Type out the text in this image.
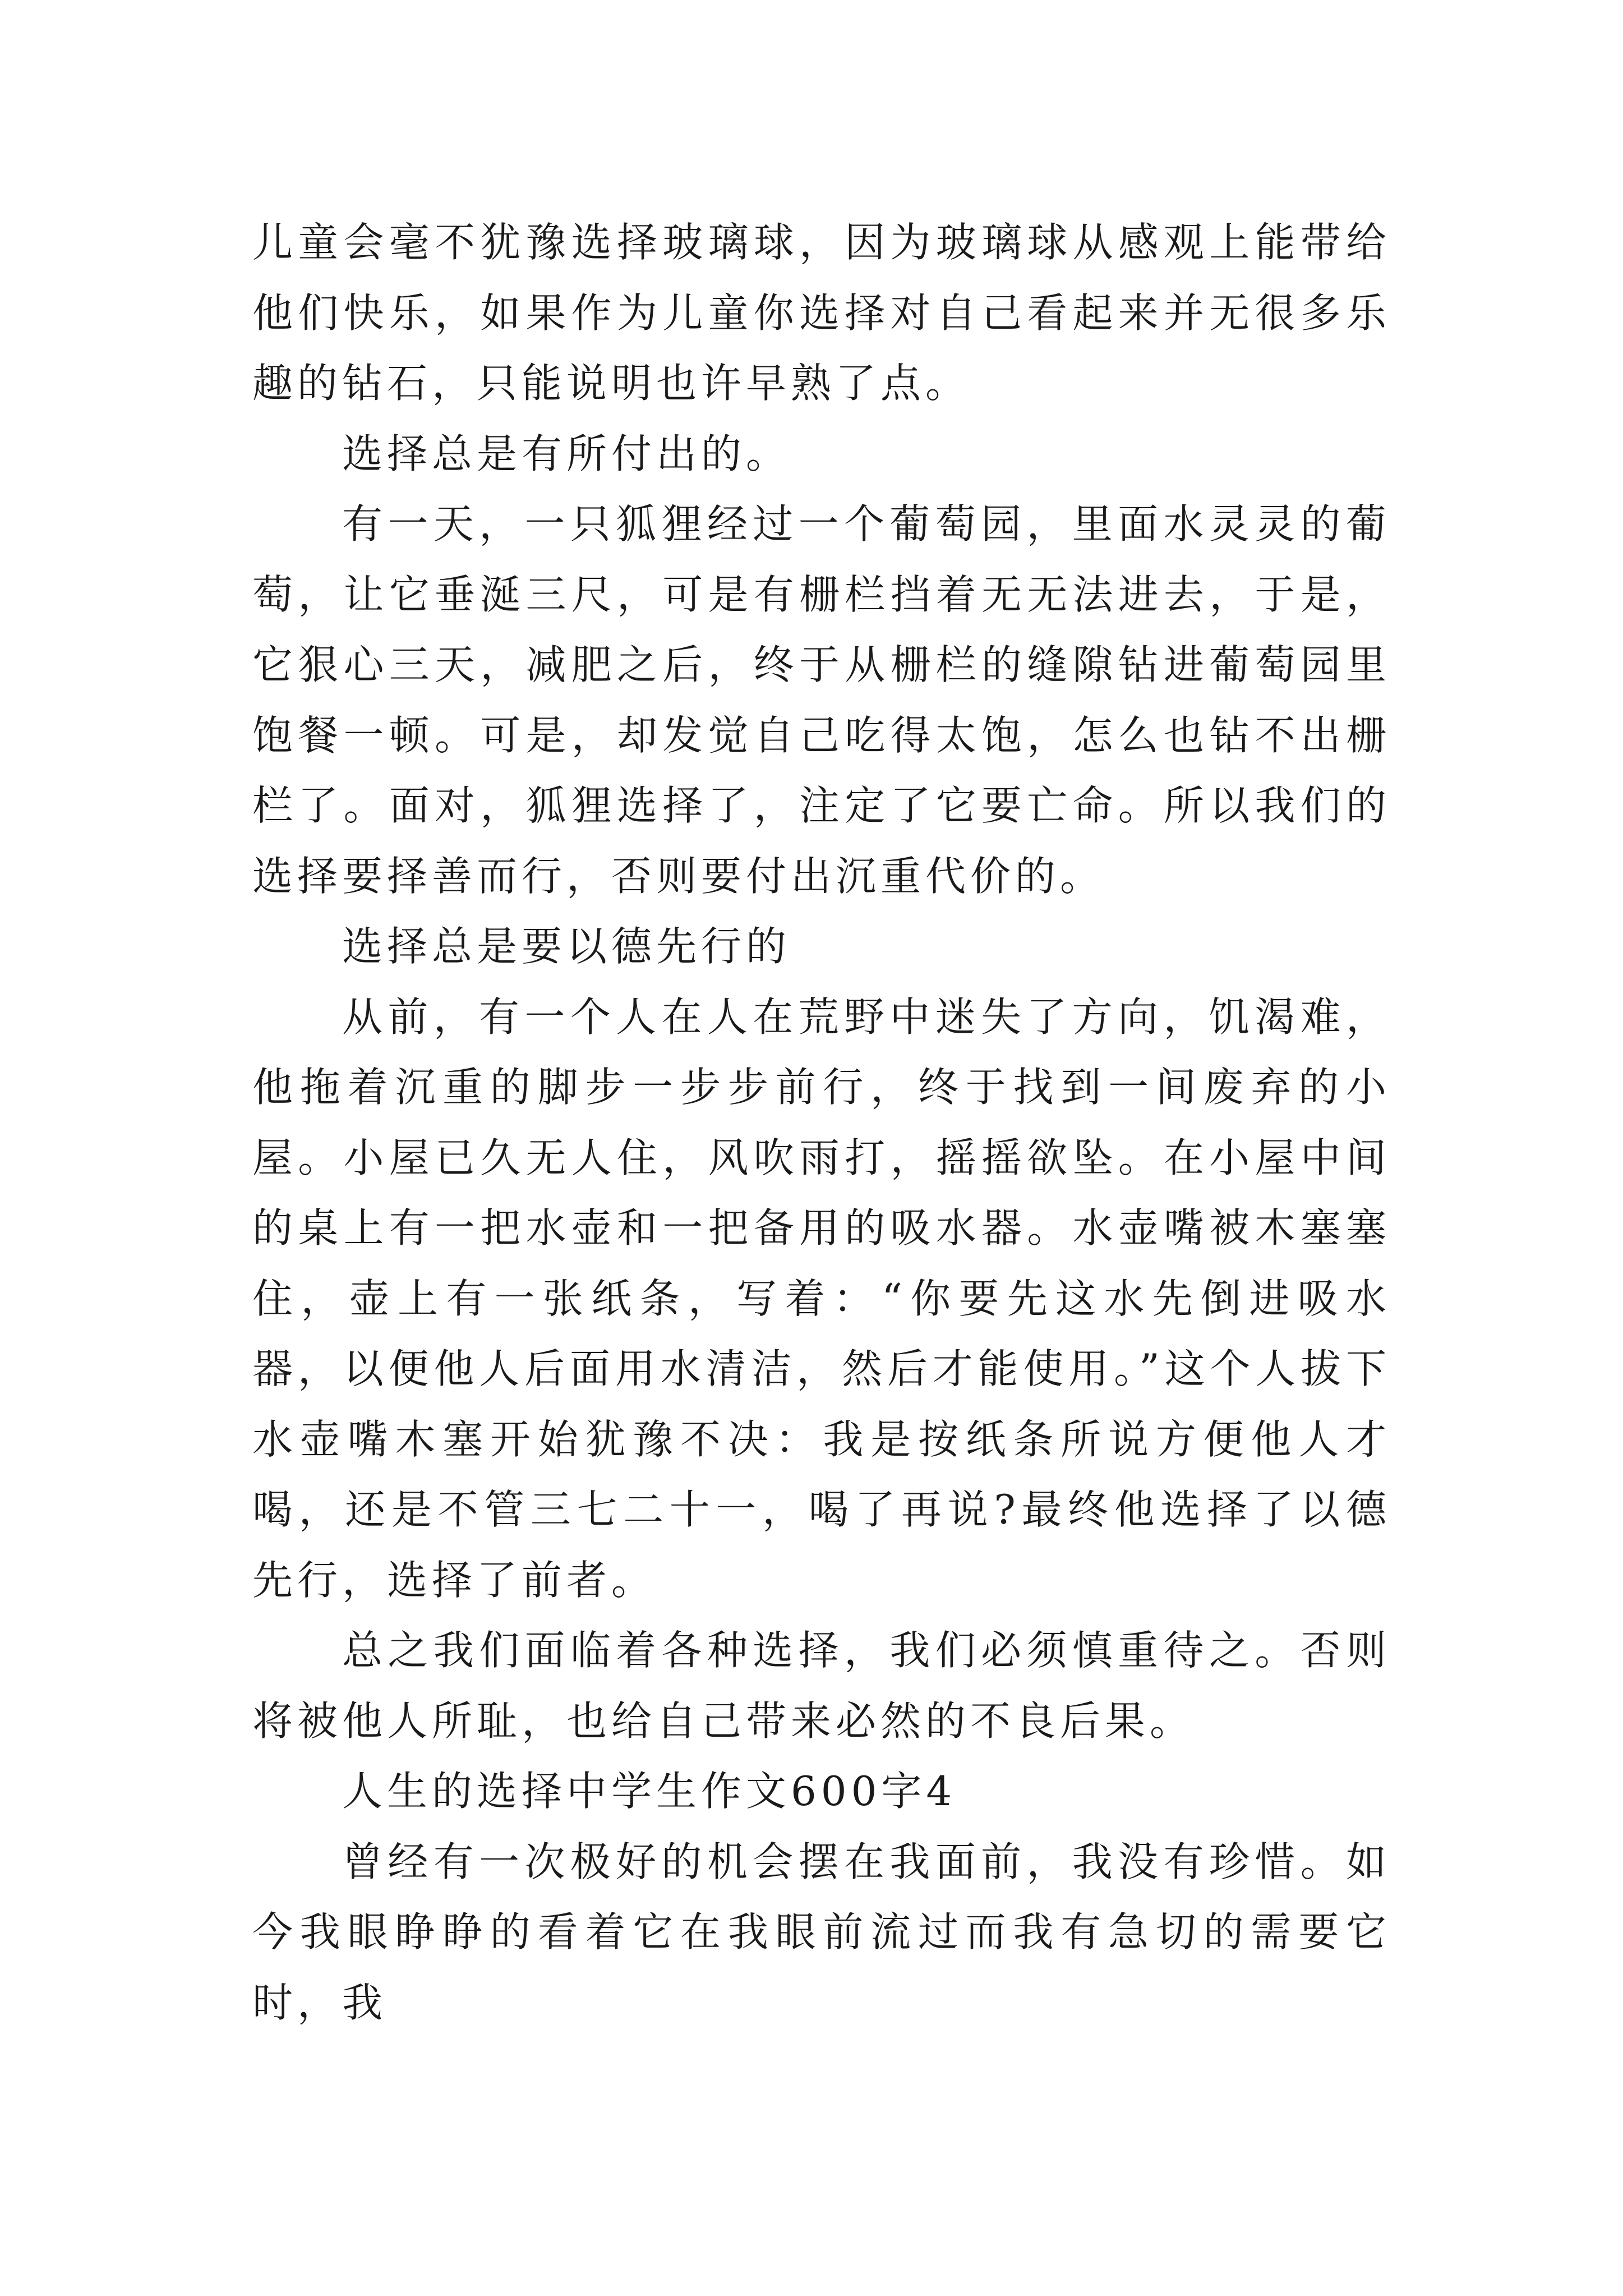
儿童会毫不犹豫选择玻璃球，因为玻璃球从感观上能带给他们快乐，如果作为儿童你选择对自己看起来并无很多乐趣的钻石，只能说明也许早熟了点。

选择总是有所付出的。

有一天，一只狐狸经过一个葡萄园，里面水灵灵的葡萄，让它垂涎三尺，可是有栅栏挡着无无法进去，于是，它狠心三天，减肥之后，终于从栅栏的缝隙钻进葡萄园里饱餐一顿。可是，却发觉自己吃得太饱，怎么也钻不出栅栏了。面对，狐狸选择了，注定了它要亡命。所以我们的选择要择善而行，否则要付出沉重代价的。

选择总是要以德先行的

从前，有一个人在人在荒野中迷失了方向，饥渴难，他拖着沉重的脚步一步步前行，终于找到一间废弃的小屋。小屋已久无人住，风吹雨打，摇摇欲坠。在小屋中间的桌上有一把水壶和一把备用的吸水器。水壶嘴被木塞塞住，壶上有一张纸条，写着：“你要先这水先倒进吸水器，以便他人后面用水清洁，然后才能使用。”这个人拔下水壶嘴木塞开始犹豫不决：我是按纸条所说方便他人才喝，还是不管三七二十一，喝了再说?最终他选择了以德先行，选择了前者。

总之我们面临着各种选择，我们必须慎重待之。否则将被他人所耻，也给自己带来必然的不良后果。

人生的选择中学生作文600字4

曾经有一次极好的机会摆在我面前，我没有珍惜。如今我眼睁睁的看着它在我眼前流过而我有急切的需要它时，我
